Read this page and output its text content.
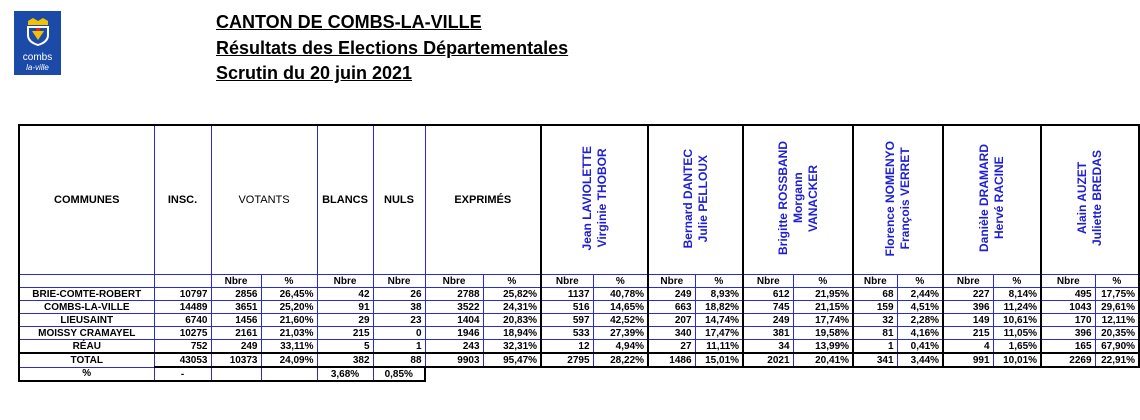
combs
la-ville
CANTON DE COMBS-LA-VILLE
Résultats des Elections Départementales
Scrutin du 20 juin 2021
COMMUNES	INSC.	VOTANTS		BLANCS	NULS	EXPRIMÉS		Jean LAVIOLETTE Virginie THOBOR		Bernard DANTEC Julie PELLOUX		Brigitte ROSSBAND Morgann VANACKER		Florence NOMENYO François VERRET		Danièle DRAMARD Hervé RACINE		Alain AUZET Juliette BREDAS	

		Nbre	%	Nbre	Nbre	Nbre	%	Nbre	%	Nbre	%	Nbre	%	Nbre	%	Nbre	%	Nbre	%
BRIE-COMTE-ROBERT	10797	2856	26,45%	42	26	2788	25,82%	1137	40,78%	249	8,93%	612	21,95%	68	2,44%	227	8,14%	495	17,75%
COMBS-LA-VILLE	14489	3651	25,20%	91	38	3522	24,31%	516	14,65%	663	18,82%	745	21,15%	159	4,51%	396	11,24%	1043	29,61%
LIEUSAINT	6740	1456	21,60%	29	23	1404	20,83%	597	42,52%	207	14,74%	249	17,74%	32	2,28%	149	10,61%	170	12,11%
MOISSY CRAMAYEL	10275	2161	21,03%	215	0	1946	18,94%	533	27,39%	340	17,47%	381	19,58%	81	4,16%	215	11,05%	396	20,35%
RÉAU	752	249	33,11%	5	1	243	32,31%	12	4,94%	27	11,11%	34	13,99%	1	0,41%	4	1,65%	165	67,90%
TOTAL	43053	10373	24,09%	382	88	9903	95,47%	2795	28,22%	1486	15,01%	2021	20,41%	341	3,44%	991	10,01%	2269	22,91%
%	-			3,68%	0,85%														
